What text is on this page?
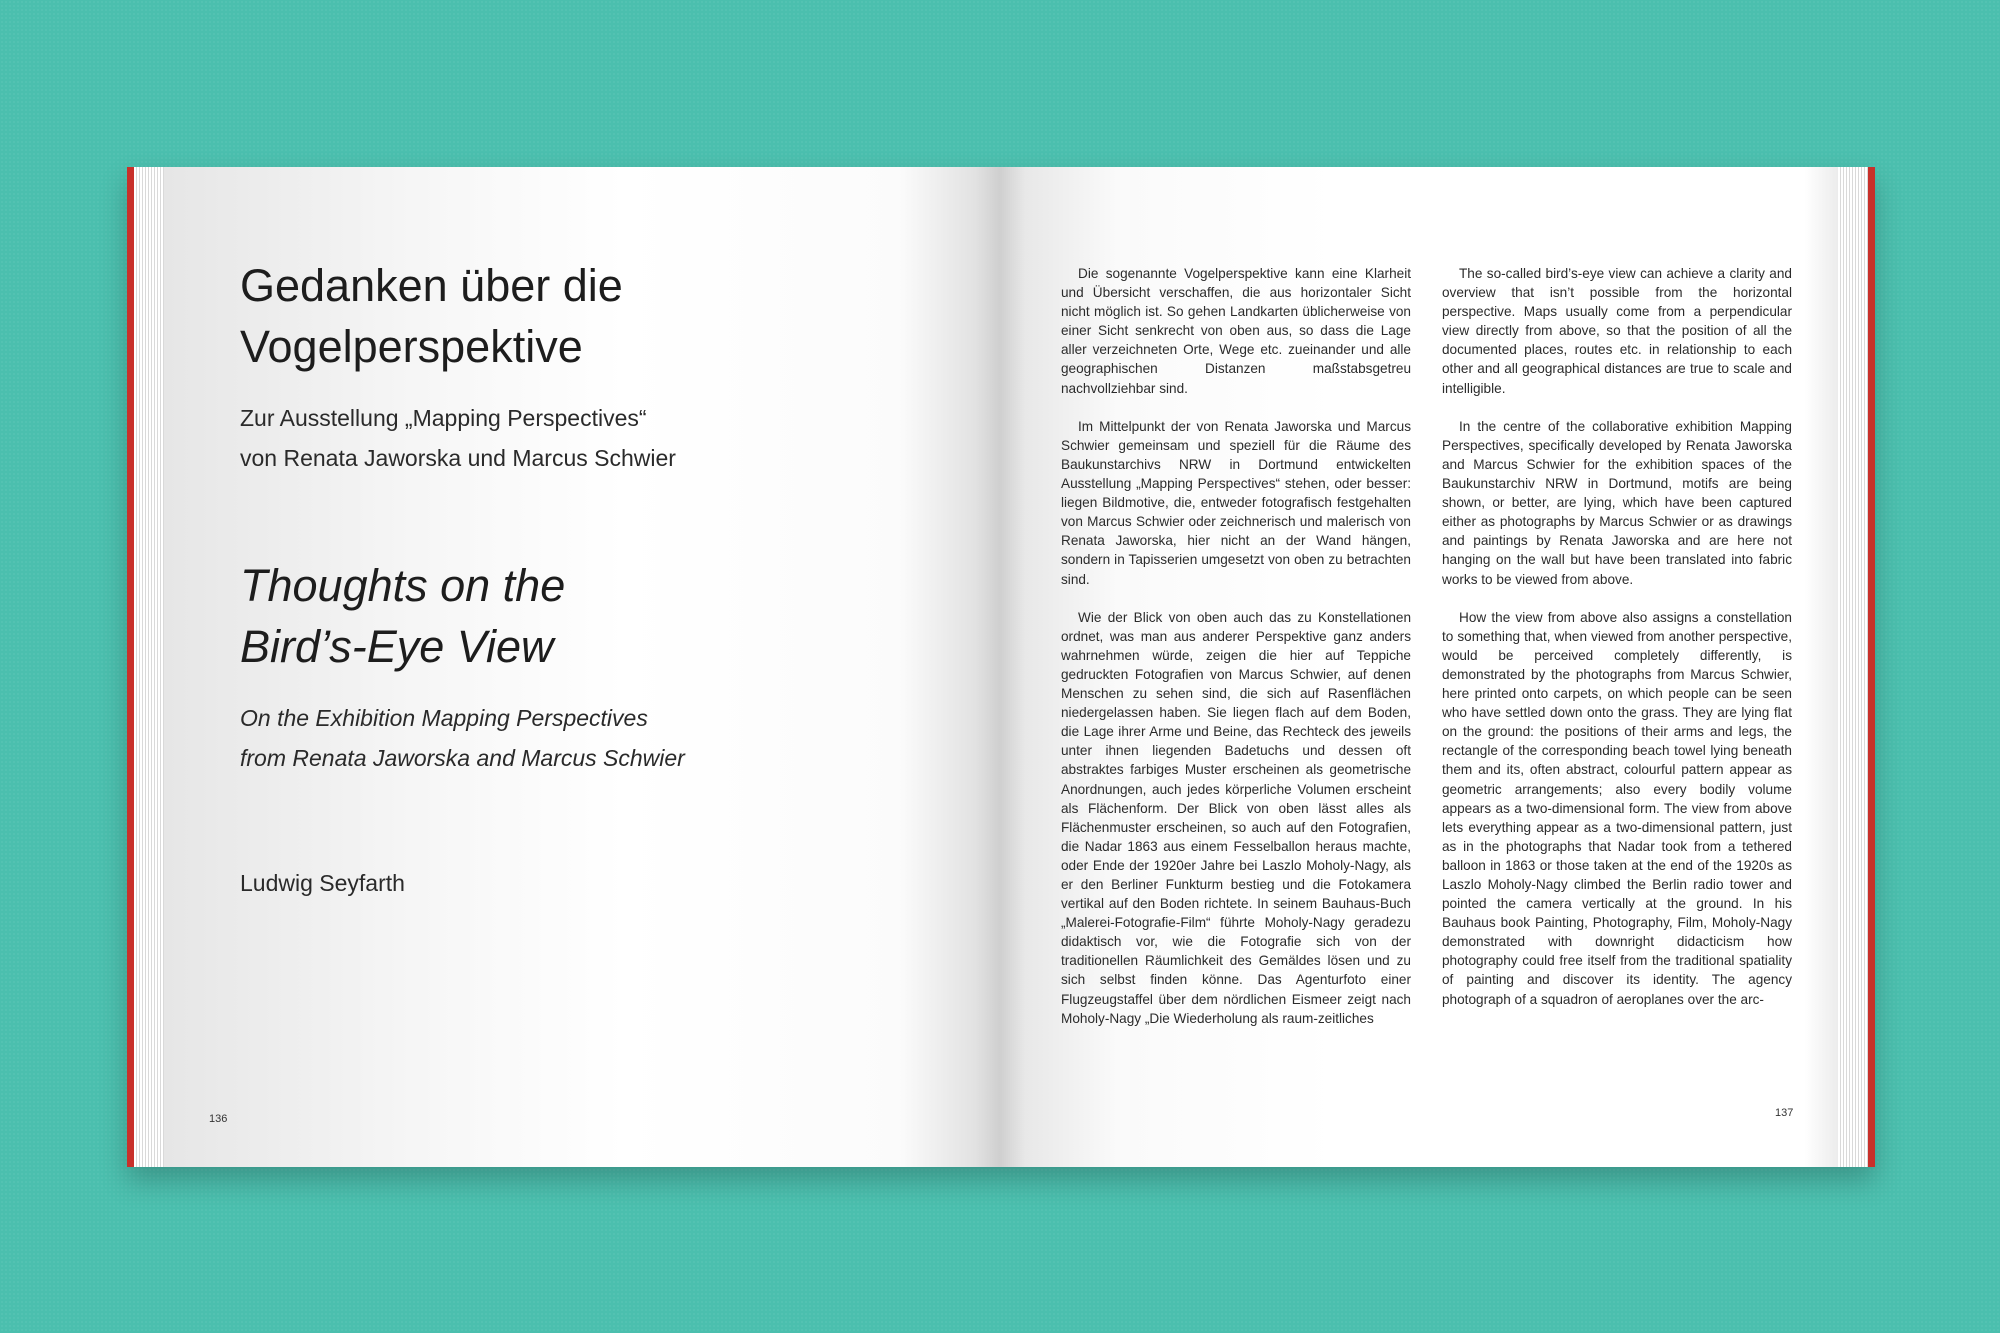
Gedanken über die
Vogelperspektive
Zur Ausstellung „Mapping Perspectives“
von Renata Jaworska und Marcus Schwier
Thoughts on the
Bird’s-Eye View
On the Exhibition Mapping Perspectives
from Renata Jaworska and Marcus Schwier
Ludwig Seyfarth
136	137

Die sogenannte Vogelperspektive kann eine Klarheit und Übersicht verschaffen, die aus horizontaler Sicht nicht möglich ist. So gehen Landkarten üblicherweise von einer Sicht senkrecht von oben aus, so dass die Lage aller verzeichneten Orte, Wege etc. zueinander und alle geographischen Distanzen maßstabsgetreu nachvollziehbar sind.

Im Mittelpunkt der von Renata Jaworska und Marcus Schwier gemeinsam und speziell für die Räume des Baukunstarchivs NRW in Dortmund entwickelten Ausstellung „Mapping Perspectives“ stehen, oder besser: liegen Bildmotive, die, entweder fotografisch festgehalten von Marcus Schwier oder zeichnerisch und malerisch von Renata Jaworska, hier nicht an der Wand hängen, sondern in Tapisserien umgesetzt von oben zu betrachten sind.

Wie der Blick von oben auch das zu Konstellationen ordnet, was man aus anderer Perspektive ganz anders wahrnehmen würde, zeigen die hier auf Teppiche gedruckten Fotografien von Marcus Schwier, auf denen Menschen zu sehen sind, die sich auf Rasenflächen niedergelassen haben. Sie liegen flach auf dem Boden, die Lage ihrer Arme und Beine, das Rechteck des jeweils unter ihnen liegenden Badetuchs und dessen oft abstraktes farbiges Muster erscheinen als geometrische Anordnungen, auch jedes körperliche Volumen erscheint als Flächenform. Der Blick von oben lässt alles als Flächenmuster erscheinen, so auch auf den Fotografien, die Nadar 1863 aus einem Fesselballon heraus machte, oder Ende der 1920er Jahre bei Laszlo Moholy-Nagy, als er den Berliner Funkturm bestieg und die Fotokamera vertikal auf den Boden richtete. In seinem Bauhaus-Buch „Malerei-Fotografie-Film“ führte Moholy-Nagy geradezu didaktisch vor, wie die Fotografie sich von der traditionellen Räumlichkeit des Gemäldes lösen und zu sich selbst finden könne. Das Agenturfoto einer Flugzeugstaffel über dem nördlichen Eismeer zeigt nach Moholy-Nagy „Die Wiederholung als raum-zeitliches

The so-called bird’s-eye view can achieve a clarity and overview that isn’t possible from the horizontal perspective. Maps usually come from a perpendicular view directly from above, so that the position of all the documented places, routes etc. in relationship to each other and all geographical distances are true to scale and intelligible.

In the centre of the collaborative exhibition Mapping Perspectives, specifically developed by Renata Jaworska and Marcus Schwier for the exhibition spaces of the Baukunstarchiv NRW in Dortmund, motifs are being shown, or better, are lying, which have been captured either as photographs by Marcus Schwier or as drawings and paintings by Renata Jaworska and are here not hanging on the wall but have been translated into fabric works to be viewed from above.

How the view from above also assigns a constellation to something that, when viewed from another perspective, would be perceived completely differently, is demonstrated by the photographs from Marcus Schwier, here printed onto carpets, on which people can be seen who have settled down onto the grass. They are lying flat on the ground: the positions of their arms and legs, the rectangle of the corresponding beach towel lying beneath them and its, often abstract, colourful pattern appear as geometric arrangements; also every bodily volume appears as a two-dimensional form. The view from above lets everything appear as a two-dimensional pattern, just as in the photographs that Nadar took from a tethered balloon in 1863 or those taken at the end of the 1920s as Laszlo Moholy-Nagy climbed the Berlin radio tower and pointed the camera vertically at the ground. In his Bauhaus book Painting, Photography, Film, Moholy-Nagy demonstrated with downright didacticism how photography could free itself from the traditional spatiality of painting and discover its identity. The agency photograph of a squadron of aeroplanes over the arc-
